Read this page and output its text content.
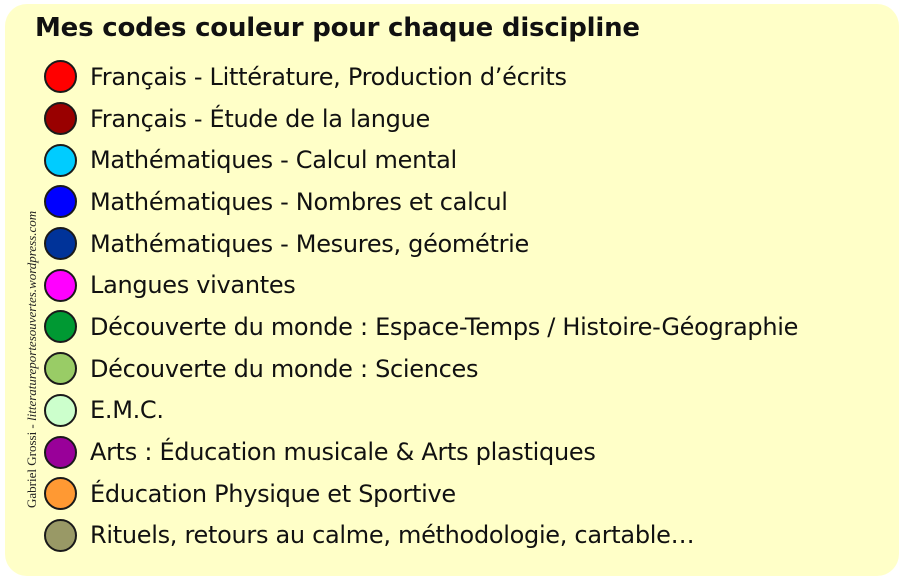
Mes codes couleur pour chaque discipline
Français - Littérature, Production d’écrits
Français - Étude de la langue
Mathématiques - Calcul mental
Mathématiques - Nombres et calcul
Mathématiques - Mesures, géométrie
Langues vivantes
Découverte du monde : Espace-Temps / Histoire-Géographie
Découverte du monde : Sciences
E.M.C.
Arts : Éducation musicale & Arts plastiques
Éducation Physique et Sportive
Rituels, retours au calme, méthodologie, cartable…
Gabriel Grossi - litteratureportesouvertes.wordpress.com
